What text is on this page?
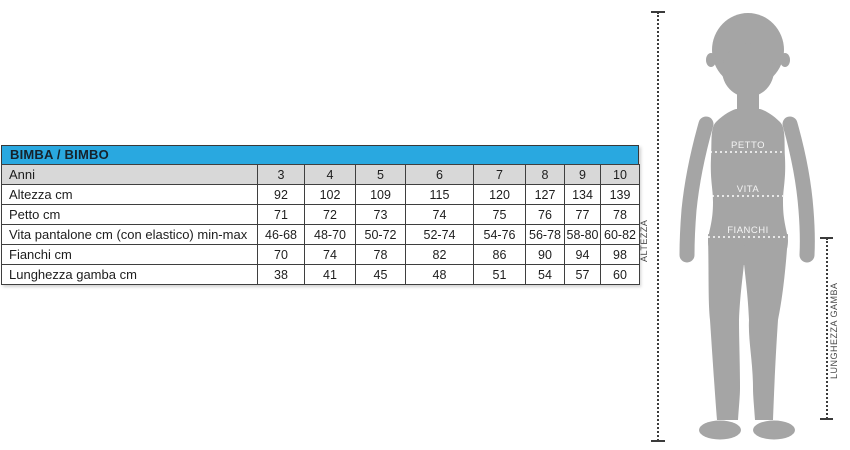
BIMBA / BIMBO
Anni	3	4	5	6	7	8	9	10
Altezza cm	92	102	109	115	120	127	134	139
Petto cm	71	72	73	74	75	76	77	78
Vita pantalone cm (con elastico) min-max	46-68	48-70	50-72	52-74	54-76	56-78	58-80	60-82
Fianchi cm	70	74	78	82	86	90	94	98
Lunghezza gamba cm	38	41	45	48	51	54	57	60
PETTO
VITA
FIANCHI
ALTEZZA
LUNGHEZZA GAMBA
